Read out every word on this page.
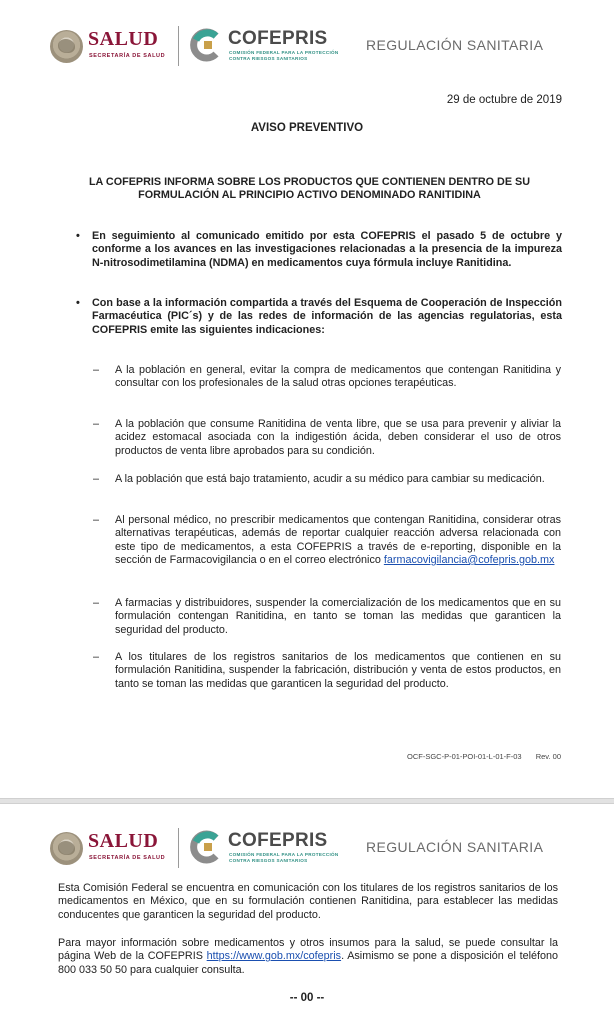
SALUD
SECRETARÍA DE SALUD
COFEPRIS
COMISIÓN FEDERAL PARA LA PROTECCIÓN CONTRA RIESGOS SANITARIOS
REGULACIÓN SANITARIA
29 de octubre de 2019
AVISO PREVENTIVO
LA COFEPRIS INFORMA SOBRE LOS PRODUCTOS QUE CONTIENEN DENTRO DE SU FORMULACIÓN AL PRINCIPIO ACTIVO DENOMINADO RANITIDINA
• En seguimiento al comunicado emitido por esta COFEPRIS el pasado 5 de octubre y conforme a los avances en las investigaciones relacionadas a la presencia de la impureza N-nitrosodimetilamina (NDMA) en medicamentos cuya fórmula incluye Ranitidina.
• Con base a la información compartida a través del Esquema de Cooperación de Inspección Farmacéutica (PIC´s) y de las redes de información de las agencias regulatorias, esta COFEPRIS emite las siguientes indicaciones:
– A la población en general, evitar la compra de medicamentos que contengan Ranitidina y consultar con los profesionales de la salud otras opciones terapéuticas.
– A la población que consume Ranitidina de venta libre, que se usa para prevenir y aliviar la acidez estomacal asociada con la indigestión ácida, deben considerar el uso de otros productos de venta libre aprobados para su condición.
– A la población que está bajo tratamiento, acudir a su médico para cambiar su medicación.
– Al personal médico, no prescribir medicamentos que contengan Ranitidina, considerar otras alternativas terapéuticas, además de reportar cualquier reacción adversa relacionada con este tipo de medicamentos, a esta COFEPRIS a través de e-reporting, disponible en la sección de Farmacovigilancia o en el correo electrónico farmacovigilancia@cofepris.gob.mx
– A farmacias y distribuidores, suspender la comercialización de los medicamentos que en su formulación contengan Ranitidina, en tanto se toman las medidas que garanticen la seguridad del producto.
– A los titulares de los registros sanitarios de los medicamentos que contienen en su formulación Ranitidina, suspender la fabricación, distribución y venta de estos productos, en tanto se toman las medidas que garanticen la seguridad del producto.
OCF-SGC-P-01-POI-01-L-01-F-03 Rev. 00
SALUD
SECRETARÍA DE SALUD
COFEPRIS
COMISIÓN FEDERAL PARA LA PROTECCIÓN CONTRA RIESGOS SANITARIOS
REGULACIÓN SANITARIA
Esta Comisión Federal se encuentra en comunicación con los titulares de los registros sanitarios de los medicamentos en México, que en su formulación contienen Ranitidina, para establecer las medidas conducentes que garanticen la seguridad del producto.
Para mayor información sobre medicamentos y otros insumos para la salud, se puede consultar la página Web de la COFEPRIS https://www.gob.mx/cofepris. Asimismo se pone a disposición el teléfono 800 033 50 50 para cualquier consulta.
-- 00 --
